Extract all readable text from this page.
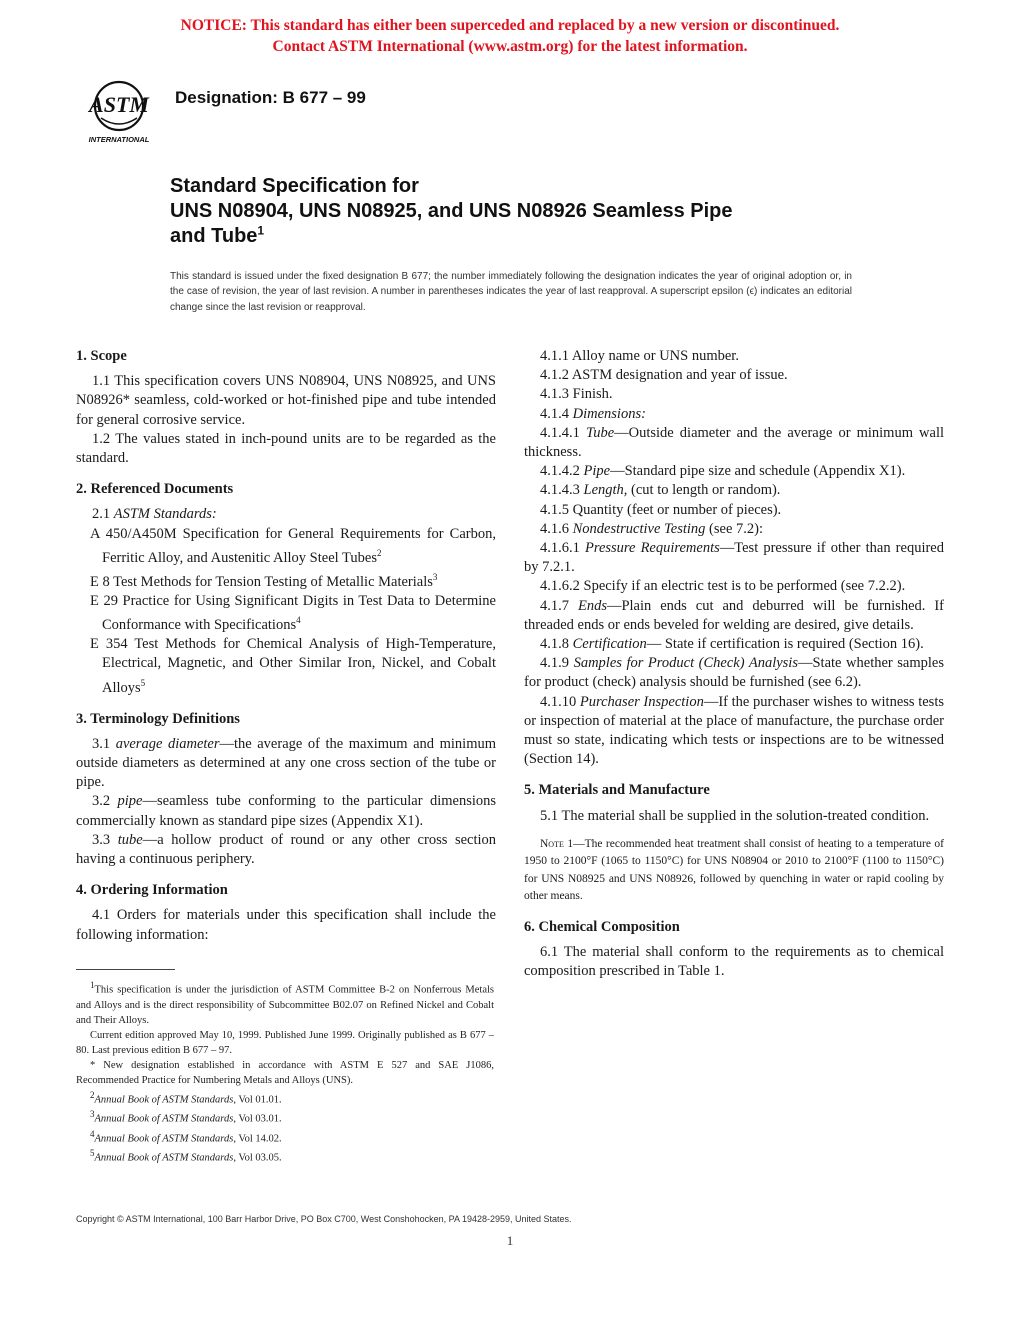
NOTICE: This standard has either been superceded and replaced by a new version or discontinued.
Contact ASTM International (www.astm.org) for the latest information.
ASTM
INTERNATIONAL
Designation: B 677 – 99
Standard Specification for
UNS N08904, UNS N08925, and UNS N08926 Seamless Pipe
and Tube$^1$
This standard is issued under the fixed designation B 677; the number immediately following the designation indicates the year of original adoption or, in the case of revision, the year of last revision. A number in parentheses indicates the year of last reapproval. A superscript epsilon (ϵ) indicates an editorial change since the last revision or reapproval.

1. Scope

1.1 This specification covers UNS N08904, UNS N08925, and UNS N08926* seamless, cold-worked or hot-finished pipe and tube intended for general corrosive service.

1.2 The values stated in inch-pound units are to be regarded as the standard.

2. Referenced Documents

2.1 ASTM Standards:

A 450/A450M Specification for General Requirements for Carbon, Ferritic Alloy, and Austenitic Alloy Steel Tubes$^2$

E 8 Test Methods for Tension Testing of Metallic Materials$^3$

E 29 Practice for Using Significant Digits in Test Data to Determine Conformance with Specifications$^4$

E 354 Test Methods for Chemical Analysis of High-Temperature, Electrical, Magnetic, and Other Similar Iron, Nickel, and Cobalt Alloys$^5$

3. Terminology Definitions

3.1 average diameter—the average of the maximum and minimum outside diameters as determined at any one cross section of the tube or pipe.

3.2 pipe—seamless tube conforming to the particular dimensions commercially known as standard pipe sizes (Appendix X1).

3.3 tube—a hollow product of round or any other cross section having a continuous periphery.

4. Ordering Information

4.1 Orders for materials under this specification shall include the following information:

4.1.1 Alloy name or UNS number.

4.1.2 ASTM designation and year of issue.

4.1.3 Finish.

4.1.4 Dimensions:

4.1.4.1 Tube—Outside diameter and the average or minimum wall thickness.

4.1.4.2 Pipe—Standard pipe size and schedule (Appendix X1).

4.1.4.3 Length, (cut to length or random).

4.1.5 Quantity (feet or number of pieces).

4.1.6 Nondestructive Testing (see 7.2):

4.1.6.1 Pressure Requirements—Test pressure if other than required by 7.2.1.

4.1.6.2 Specify if an electric test is to be performed (see 7.2.2).

4.1.7 Ends—Plain ends cut and deburred will be furnished. If threaded ends or ends beveled for welding are desired, give details.

4.1.8 Certification— State if certification is required (Section 16).

4.1.9 Samples for Product (Check) Analysis—State whether samples for product (check) analysis should be furnished (see 6.2).

4.1.10 Purchaser Inspection—If the purchaser wishes to witness tests or inspection of material at the place of manufacture, the purchase order must so state, indicating which tests or inspections are to be witnessed (Section 14).

5. Materials and Manufacture

5.1 The material shall be supplied in the solution-treated condition.

Note 1—The recommended heat treatment shall consist of heating to a temperature of 1950 to 2100°F (1065 to 1150°C) for UNS N08904 or 2010 to 2100°F (1100 to 1150°C) for UNS N08925 and UNS N08926, followed by quenching in water or rapid cooling by other means.

6. Chemical Composition

6.1 The material shall conform to the requirements as to chemical composition prescribed in Table 1.

$^1$This specification is under the jurisdiction of ASTM Committee B-2 on Nonferrous Metals and Alloys and is the direct responsibility of Subcommittee B02.07 on Refined Nickel and Cobalt and Their Alloys.

Current edition approved May 10, 1999. Published June 1999. Originally published as B 677 – 80. Last previous edition B 677 – 97.

* New designation established in accordance with ASTM E 527 and SAE J1086, Recommended Practice for Numbering Metals and Alloys (UNS).

$^2$Annual Book of ASTM Standards, Vol 01.01.

$^3$Annual Book of ASTM Standards, Vol 03.01.

$^4$Annual Book of ASTM Standards, Vol 14.02.

$^5$Annual Book of ASTM Standards, Vol 03.05.

Copyright © ASTM International, 100 Barr Harbor Drive, PO Box C700, West Conshohocken, PA 19428-2959, United States.
1
